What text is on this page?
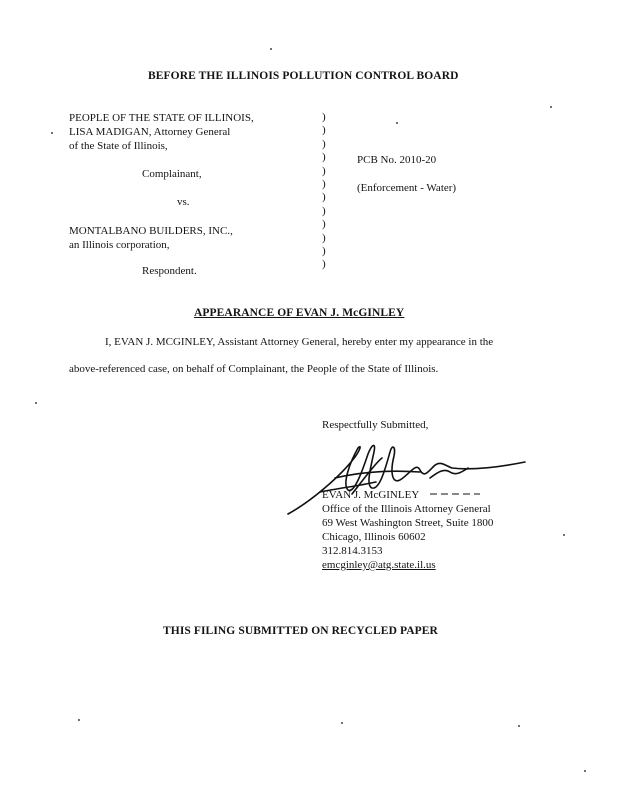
BEFORE THE ILLINOIS POLLUTION CONTROL BOARD
PEOPLE OF THE STATE OF ILLINOIS,
LISA MADIGAN, Attorney General
of the State of Illinois,
Complainant,
vs.
MONTALBANO BUILDERS, INC.,
an Illinois corporation,
Respondent.
)
)
)
)
)
)
)
)
)
)
)
)
PCB No. 2010-20
(Enforcement - Water)
APPEARANCE OF EVAN J. McGINLEY
I, EVAN J. MCGINLEY, Assistant Attorney General, hereby enter my appearance in the
above-referenced case, on behalf of Complainant, the People of the State of Illinois.
Respectfully Submitted,
EVAN J. McGINLEY
Office of the Illinois Attorney General
69 West Washington Street, Suite 1800
Chicago, Illinois 60602
312.814.3153
emcginley@atg.state.il.us
THIS FILING SUBMITTED ON RECYCLED PAPER
